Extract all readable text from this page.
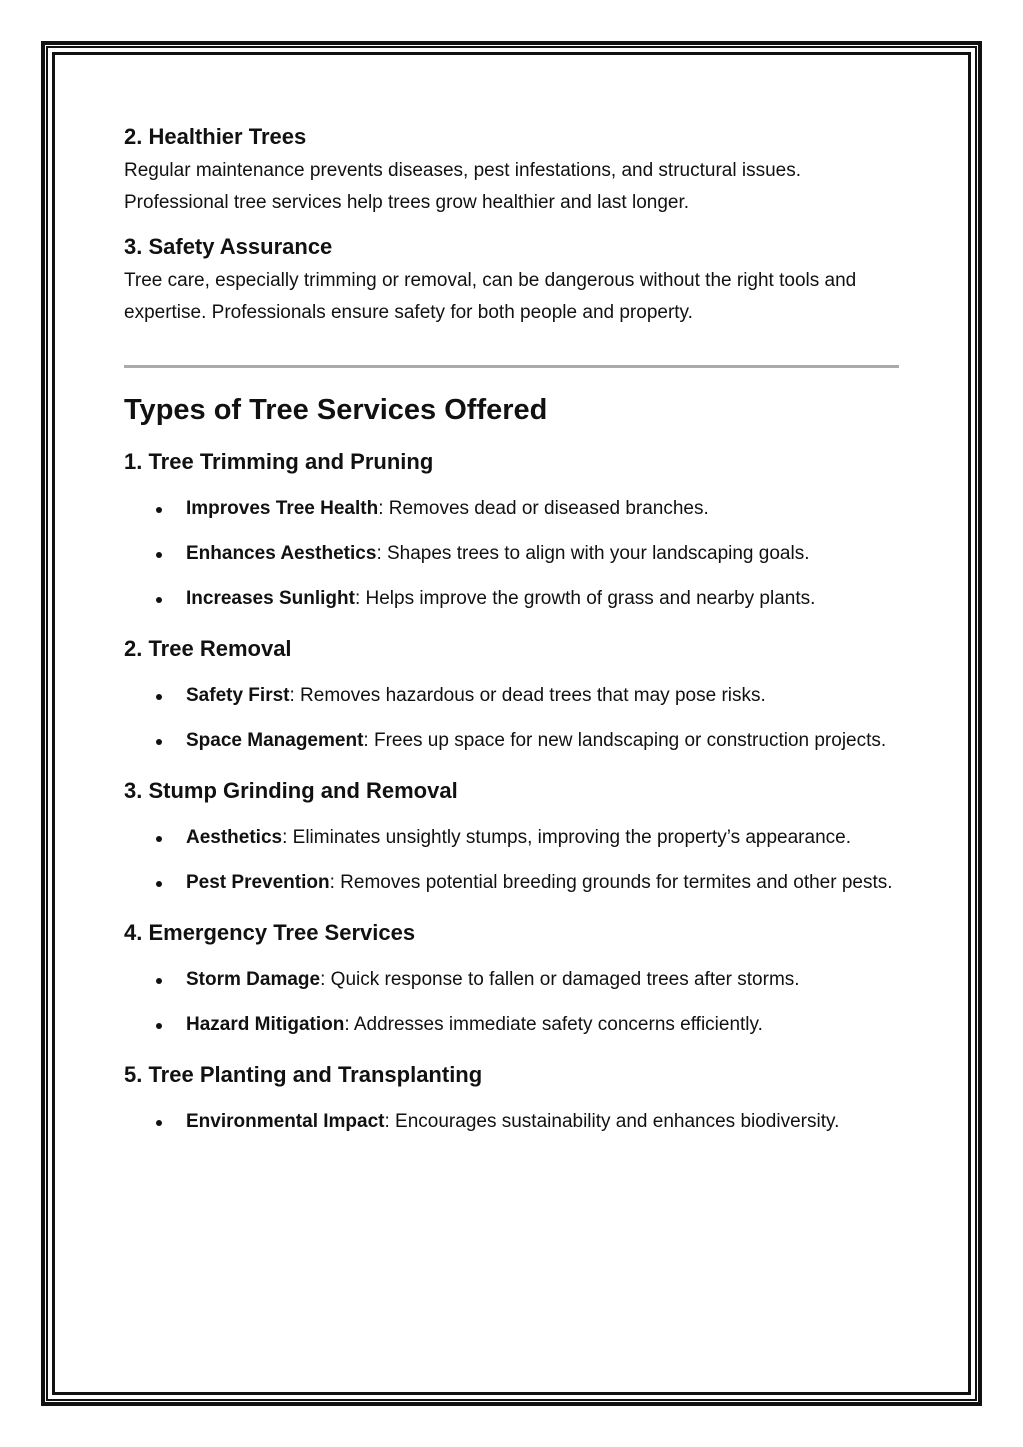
2. Healthier Trees

Regular maintenance prevents diseases, pest infestations, and structural issues. Professional tree services help trees grow healthier and last longer.

3. Safety Assurance

Tree care, especially trimming or removal, can be dangerous without the right tools and expertise. Professionals ensure safety for both people and property.

Types of Tree Services Offered
1. Tree Trimming and Pruning
Improves Tree Health: Removes dead or diseased branches.
Enhances Aesthetics: Shapes trees to align with your landscaping goals.
Increases Sunlight: Helps improve the growth of grass and nearby plants.
2. Tree Removal
Safety First: Removes hazardous or dead trees that may pose risks.
Space Management: Frees up space for new landscaping or construction projects.
3. Stump Grinding and Removal
Aesthetics: Eliminates unsightly stumps, improving the property’s appearance.
Pest Prevention: Removes potential breeding grounds for termites and other pests.
4. Emergency Tree Services
Storm Damage: Quick response to fallen or damaged trees after storms.
Hazard Mitigation: Addresses immediate safety concerns efficiently.
5. Tree Planting and Transplanting
Environmental Impact: Encourages sustainability and enhances biodiversity.
